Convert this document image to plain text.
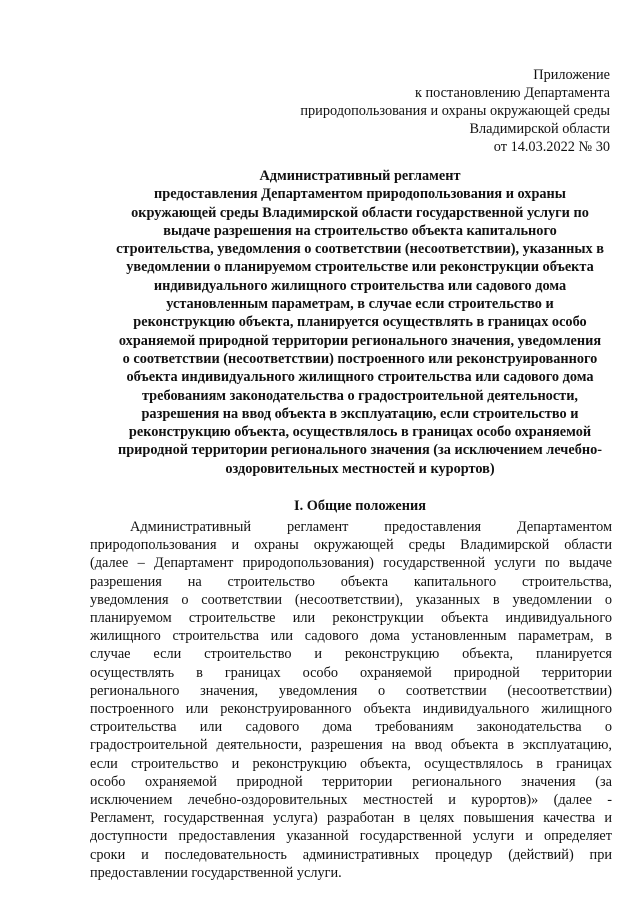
Приложение
к постановлению Департамента
природопользования и охраны окружающей среды
Владимирской области
от 14.03.2022 № 30
Административный регламент
предоставления Департаментом природопользования и охраны
окружающей среды Владимирской области государственной услуги по
выдаче разрешения на строительство объекта капитального
строительства, уведомления о соответствии (несоответствии), указанных в
уведомлении о планируемом строительстве или реконструкции объекта
индивидуального жилищного строительства или садового дома
установленным параметрам, в случае если строительство и
реконструкцию объекта, планируется осуществлять в границах особо
охраняемой природной территории регионального значения, уведомления
о соответствии (несоответствии) построенного или реконструированного
объекта индивидуального жилищного строительства или садового дома
требованиям законодательства о градостроительной деятельности,
разрешения на ввод объекта в эксплуатацию, если строительство и
реконструкцию объекта, осуществлялось в границах особо охраняемой
природной территории регионального значения (за исключением лечебно-
оздоровительных местностей и курортов)
I. Общие положения
Административный регламент предоставления Департаментом
природопользования и охраны окружающей среды Владимирской области
(далее – Департамент природопользования) государственной услуги по выдаче
разрешения на строительство объекта капитального строительства,
уведомления о соответствии (несоответствии), указанных в уведомлении о
планируемом строительстве или реконструкции объекта индивидуального
жилищного строительства или садового дома установленным параметрам, в
случае если строительство и реконструкцию объекта, планируется
осуществлять в границах особо охраняемой природной территории
регионального значения, уведомления о соответствии (несоответствии)
построенного или реконструированного объекта индивидуального жилищного
строительства или садового дома требованиям законодательства о
градостроительной деятельности, разрешения на ввод объекта в эксплуатацию,
если строительство и реконструкцию объекта, осуществлялось в границах
особо охраняемой природной территории регионального значения (за
исключением лечебно-оздоровительных местностей и курортов)» (далее -
Регламент, государственная услуга) разработан в целях повышения качества и
доступности предоставления указанной государственной услуги и определяет
сроки и последовательность административных процедур (действий) при
предоставлении государственной услуги.
